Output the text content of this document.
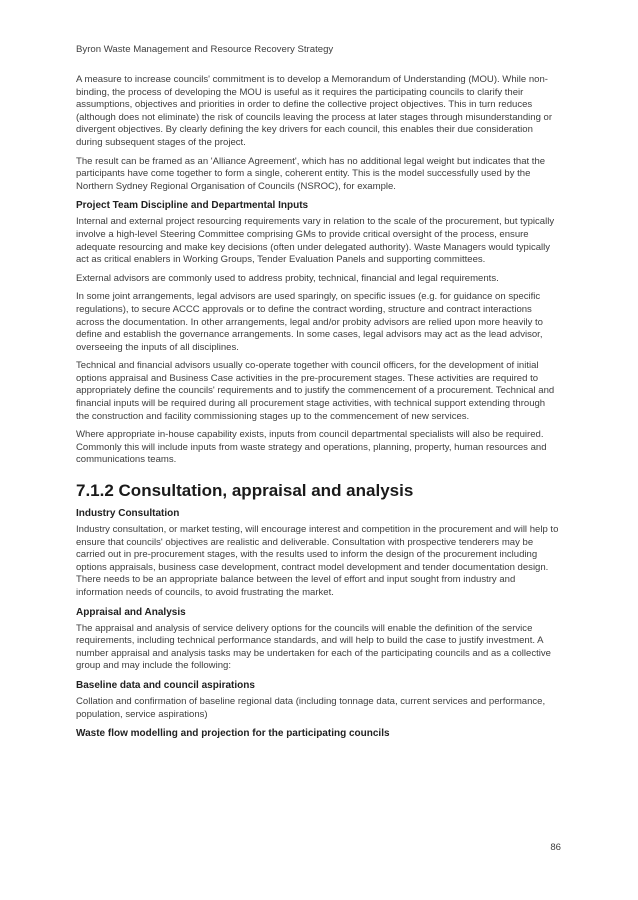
Byron Waste Management and Resource Recovery Strategy

A measure to increase councils' commitment is to develop a Memorandum of Understanding (MOU). While non-binding, the process of developing the MOU is useful as it requires the participating councils to clarify their assumptions, objectives and priorities in order to define the collective project objectives. This in turn reduces (although does not eliminate) the risk of councils leaving the process at later stages through misunderstanding or divergent objectives. By clearly defining the key drivers for each council, this enables their due consideration during subsequent stages of the project.

The result can be framed as an 'Alliance Agreement', which has no additional legal weight but indicates that the participants have come together to form a single, coherent entity. This is the model successfully used by the Northern Sydney Regional Organisation of Councils (NSROC), for example.

Project Team Discipline and Departmental Inputs

Internal and external project resourcing requirements vary in relation to the scale of the procurement, but typically involve a high-level Steering Committee comprising GMs to provide critical oversight of the process, ensure adequate resourcing and make key decisions (often under delegated authority). Waste Managers would typically act as critical enablers in Working Groups, Tender Evaluation Panels and supporting committees.

External advisors are commonly used to address probity, technical, financial and legal requirements.

In some joint arrangements, legal advisors are used sparingly, on specific issues (e.g. for guidance on specific regulations), to secure ACCC approvals or to define the contract wording, structure and contract interactions across the documentation. In other arrangements, legal and/or probity advisors are relied upon more heavily to define and establish the governance arrangements. In some cases, legal advisors may act as the lead advisor, overseeing the inputs of all disciplines.

Technical and financial advisors usually co-operate together with council officers, for the development of initial options appraisal and Business Case activities in the pre-procurement stages. These activities are required to appropriately define the councils' requirements and to justify the commencement of a procurement. Technical and financial inputs will be required during all procurement stage activities, with technical support extending through the construction and facility commissioning stages up to the commencement of new services.

Where appropriate in-house capability exists, inputs from council departmental specialists will also be required. Commonly this will include inputs from waste strategy and operations, planning, property, human resources and communications teams.

7.1.2 Consultation, appraisal and analysis
Industry Consultation

Industry consultation, or market testing, will encourage interest and competition in the procurement and will help to ensure that councils' objectives are realistic and deliverable. Consultation with prospective tenderers may be carried out in pre-procurement stages, with the results used to inform the design of the procurement including options appraisals, business case development, contract model development and tender documentation design. There needs to be an appropriate balance between the level of effort and input sought from industry and information needs of councils, to avoid frustrating the market.

Appraisal and Analysis

The appraisal and analysis of service delivery options for the councils will enable the definition of the service requirements, including technical performance standards, and will help to build the case to justify investment. A number appraisal and analysis tasks may be undertaken for each of the participating councils and as a collective group and may include the following:

Baseline data and council aspirations

Collation and confirmation of baseline regional data (including tonnage data, current services and performance, population, service aspirations)

Waste flow modelling and projection for the participating councils
86
